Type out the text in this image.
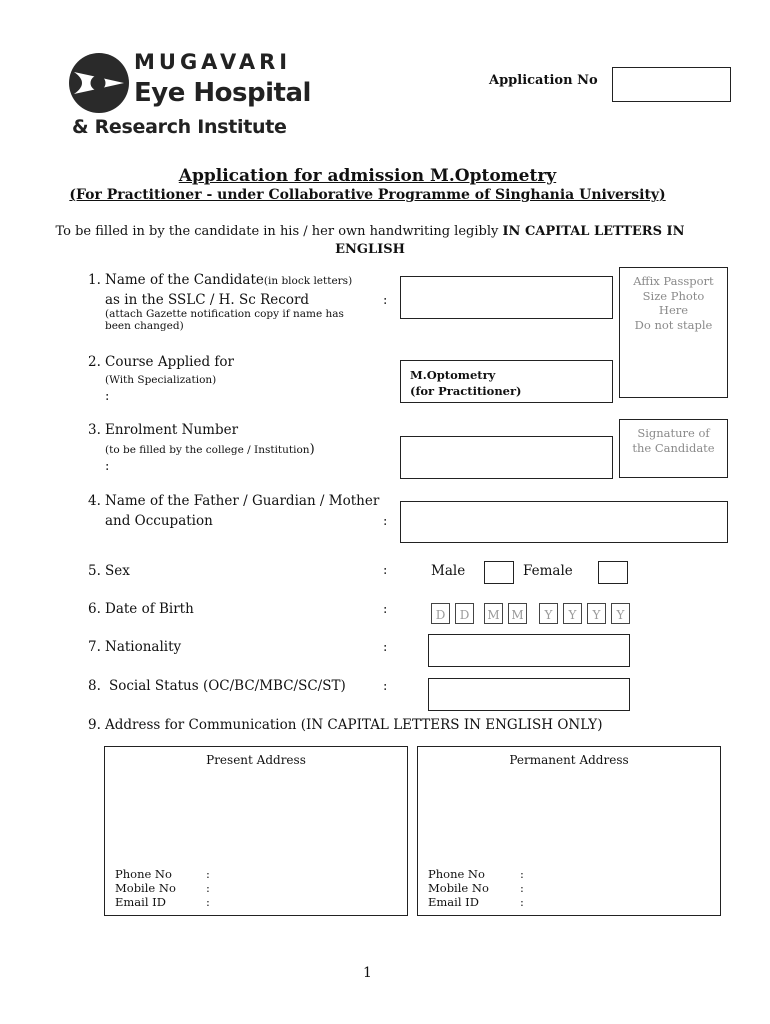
MUGAVARI
Eye Hospital
& Research Institute
Application No
Application for admission M.Optometry
(For Practitioner - under Collaborative Programme of Singhania University)
To be filled in by the candidate in his / her own handwriting legibly IN CAPITAL LETTERS IN ENGLISH
Affix Passport
Size Photo
Here
Do not staple
Signature of
the Candidate
1. Name of the Candidate(in block letters)
as in the SSLC / H. Sc Record
(attach Gazette notification copy if name has been changed)
:
2. Course Applied for
(With Specialization)
:
M.Optometry
(for Practitioner)
3. Enrolment Number
(to be filled by the college / Institution)
:
4. Name of the Father / Guardian / Mother
and Occupation	:
5. Sex	:	Male	Female
6. Date of Birth	:	D	D	M M	Y	Y	Y	Y
7. Nationality	:
8. Social Status (OC/BC/MBC/SC/ST)	:
9. Address for Communication (IN CAPITAL LETTERS IN ENGLISH ONLY)
Present Address
Phone No	:
Mobile No	:
Email ID	:
Permanent Address
Phone No	:
Mobile No	:
Email ID	:
1
